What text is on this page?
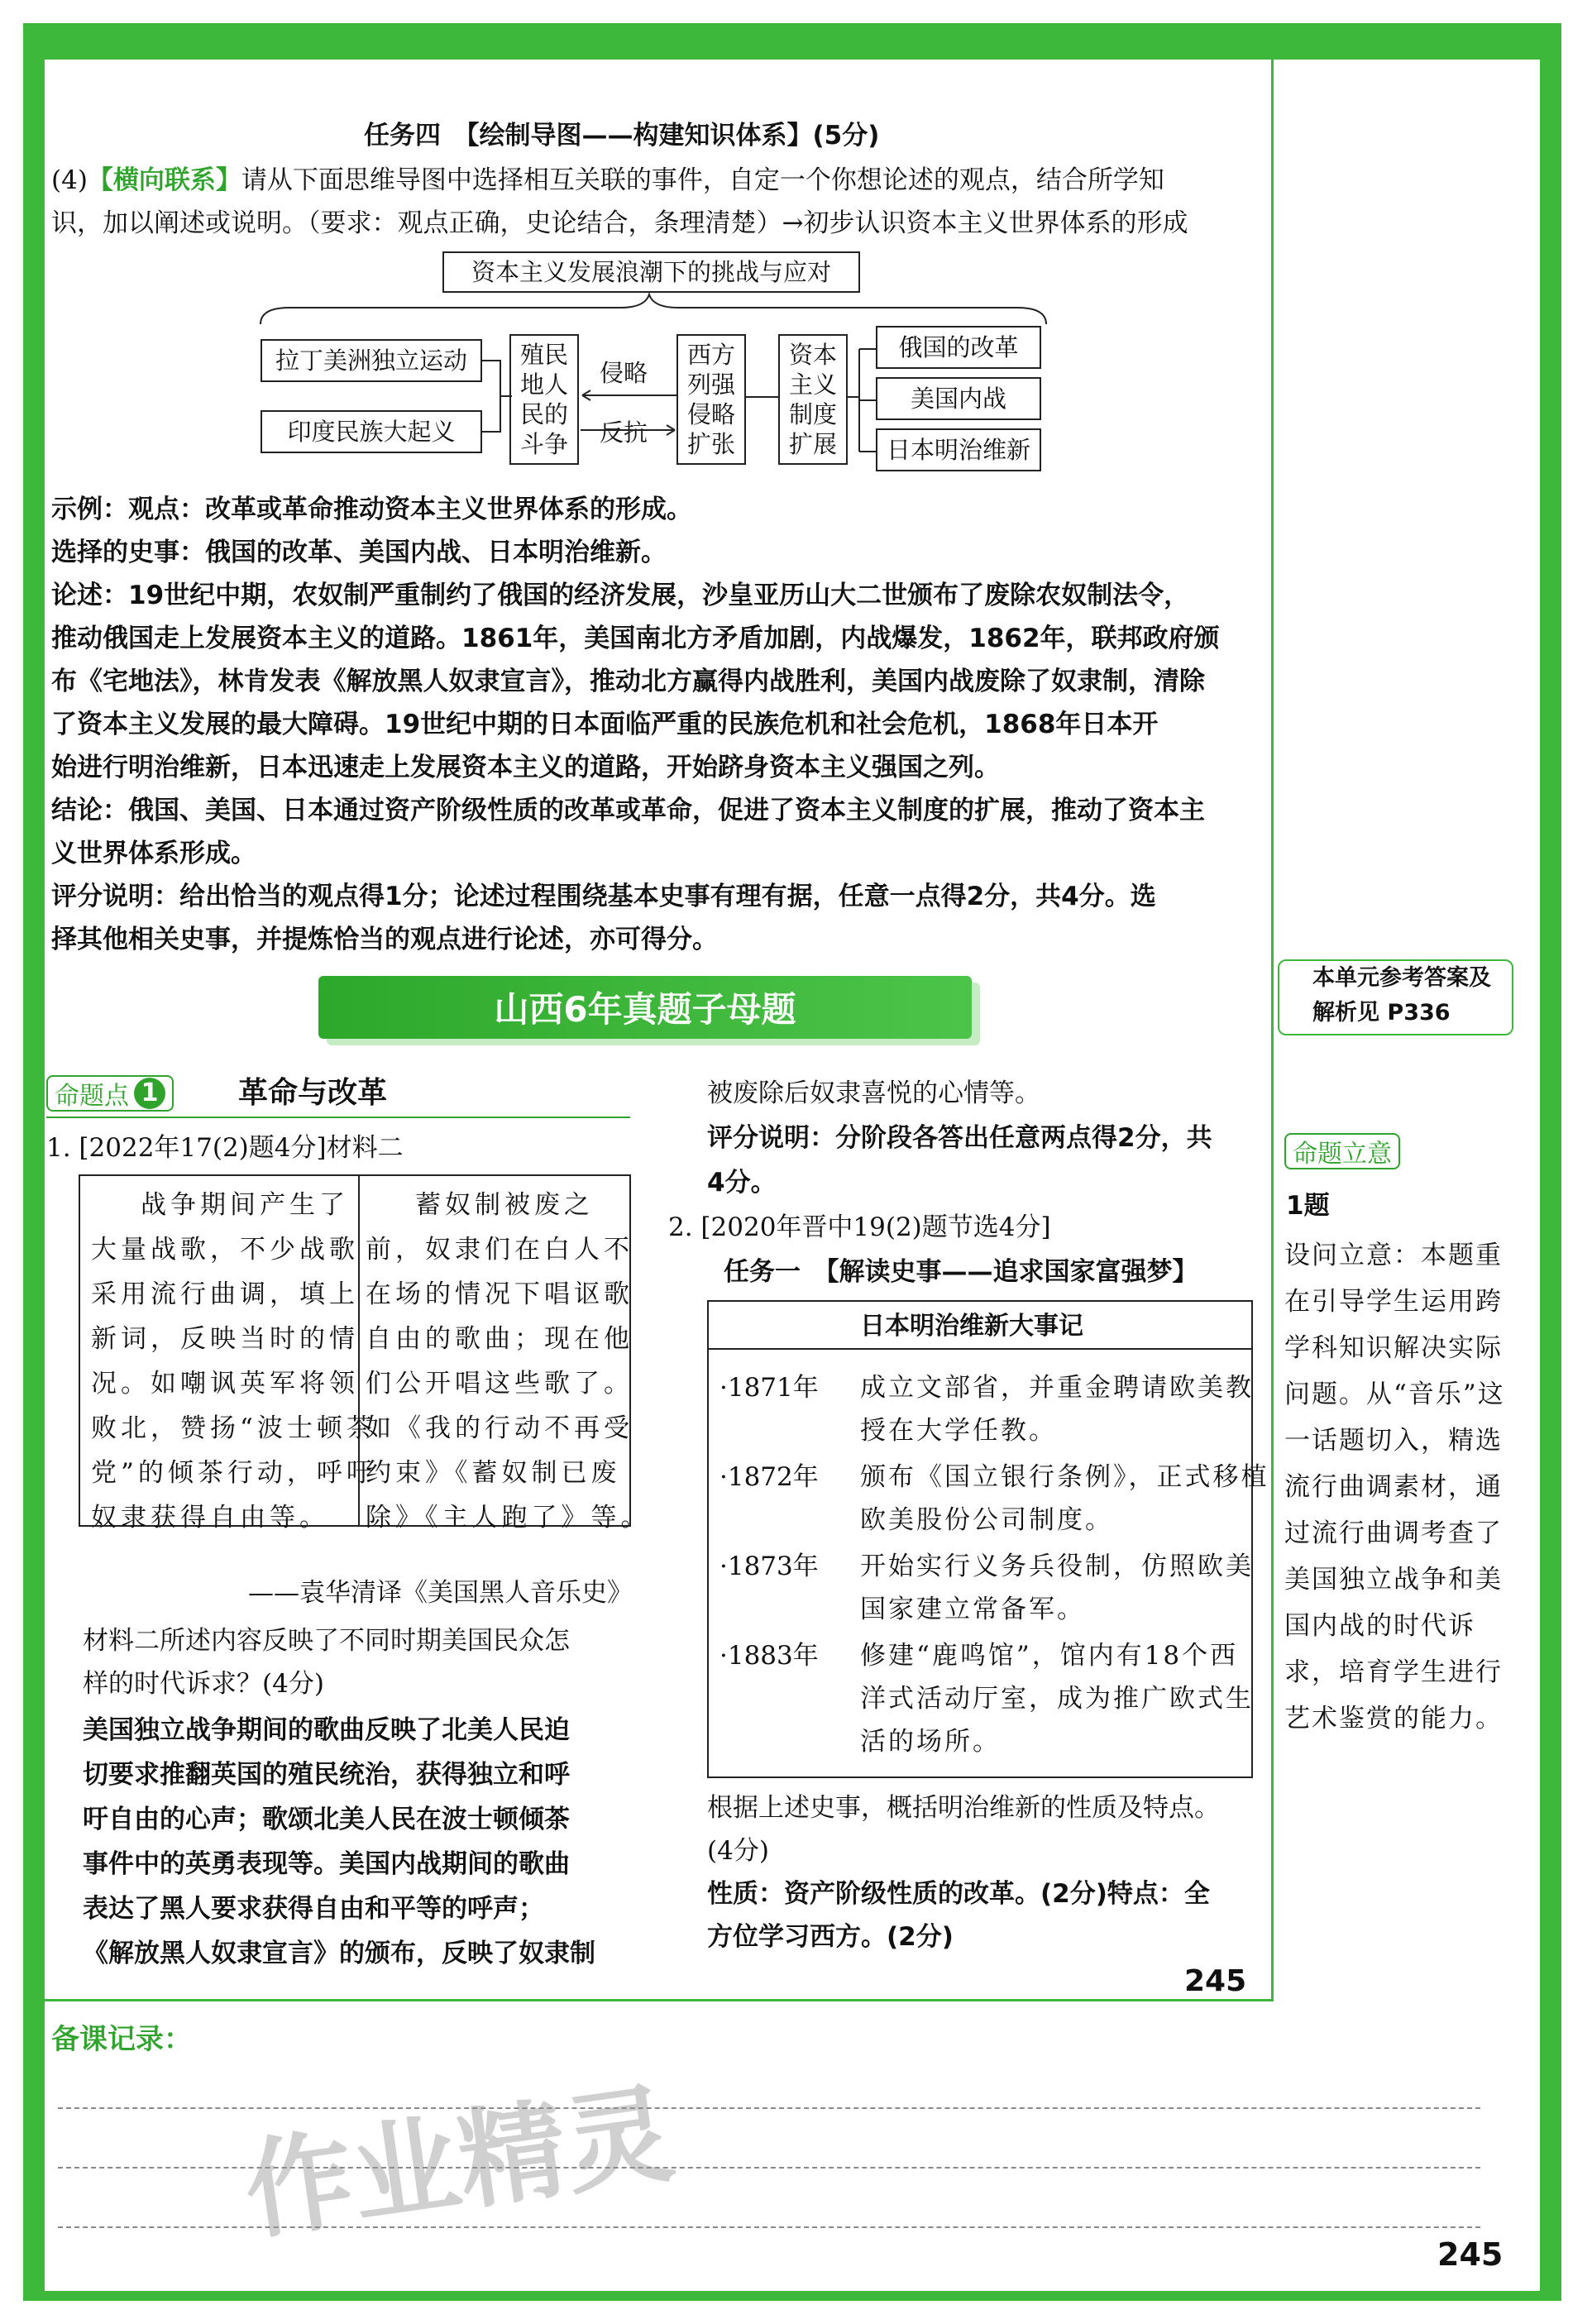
任务四　【绘制导图——构建知识体系】(5分)
(4)【横向联系】请从下面思维导图中选择相互关联的事件，自定一个你想论述的观点，结合所学知
识，加以阐述或说明。（要求：观点正确，史论结合，条理清楚）→初步认识资本主义世界体系的形成
资本主义发展浪潮下的挑战与应对
拉丁美洲独立运动
印度民族大起义
殖民地人民的斗争
侵略
反抗
西方列强侵略扩张
资本主义制度扩展
俄国的改革
美国内战
日本明治维新
示例：观点：改革或革命推动资本主义世界体系的形成。
选择的史事：俄国的改革、美国内战、日本明治维新。
论述：19世纪中期，农奴制严重制约了俄国的经济发展，沙皇亚历山大二世颁布了废除农奴制法令，
推动俄国走上发展资本主义的道路。1861年，美国南北方矛盾加剧，内战爆发，1862年，联邦政府颁
布《宅地法》，林肯发表《解放黑人奴隶宣言》，推动北方赢得内战胜利，美国内战废除了奴隶制，清除
了资本主义发展的最大障碍。19世纪中期的日本面临严重的民族危机和社会危机，1868年日本开
始进行明治维新，日本迅速走上发展资本主义的道路，开始跻身资本主义强国之列。
结论：俄国、美国、日本通过资产阶级性质的改革或革命，促进了资本主义制度的扩展，推动了资本主
义世界体系形成。
评分说明：给出恰当的观点得1分；论述过程围绕基本史事有理有据，任意一点得2分，共4分。选
择其他相关史事，并提炼恰当的观点进行论述，亦可得分。
山西6年真题子母题
本单元参考答案及
解析见 P336
命题点 1	革命与改革
1. [2022年17(2)题4分]材料二
战争期间产生了
大量战歌，不少战歌
采用流行曲调，填上
新词，反映当时的情
况。如嘲讽英军将领
败北，赞扬“波士顿茶
党”的倾茶行动，呼吁
奴隶获得自由等。
蓄奴制被废之
前，奴隶们在白人不
在场的情况下唱讴歌
自由的歌曲；现在他
们公开唱这些歌了。
如《我的行动不再受
约束》《蓄奴制已废
除》《主人跑了》等。
——袁华清译《美国黑人音乐史》
材料二所述内容反映了不同时期美国民众怎
样的时代诉求？(4分)
美国独立战争期间的歌曲反映了北美人民迫
切要求推翻英国的殖民统治，获得独立和呼
吁自由的心声；歌颂北美人民在波士顿倾茶
事件中的英勇表现等。美国内战期间的歌曲
表达了黑人要求获得自由和平等的呼声；
《解放黑人奴隶宣言》的颁布，反映了奴隶制
被废除后奴隶喜悦的心情等。
评分说明：分阶段各答出任意两点得2分，共
4分。
2. [2020年晋中19(2)题节选4分]
任务一　【解读史事——追求国家富强梦】
日本明治维新大事记
·1871年 成立文部省，并重金聘请欧美教
授在大学任教。
·1872年 颁布《国立银行条例》，正式移植
欧美股份公司制度。
·1873年 开始实行义务兵役制，仿照欧美
国家建立常备军。
·1883年 修建“鹿鸣馆”，馆内有18个西
洋式活动厅室，成为推广欧式生
活的场所。
根据上述史事，概括明治维新的性质及特点。
(4分)
性质：资产阶级性质的改革。(2分)特点：全
方位学习西方。(2分)
245
命题立意
1题
设问立意：本题重
在引导学生运用跨
学科知识解决实际
问题。从“音乐”这
一话题切入，精选
流行曲调素材，通
过流行曲调考查了
美国独立战争和美
国内战的时代诉
求，培育学生进行
艺术鉴赏的能力。
备课记录：
作业精灵	245
